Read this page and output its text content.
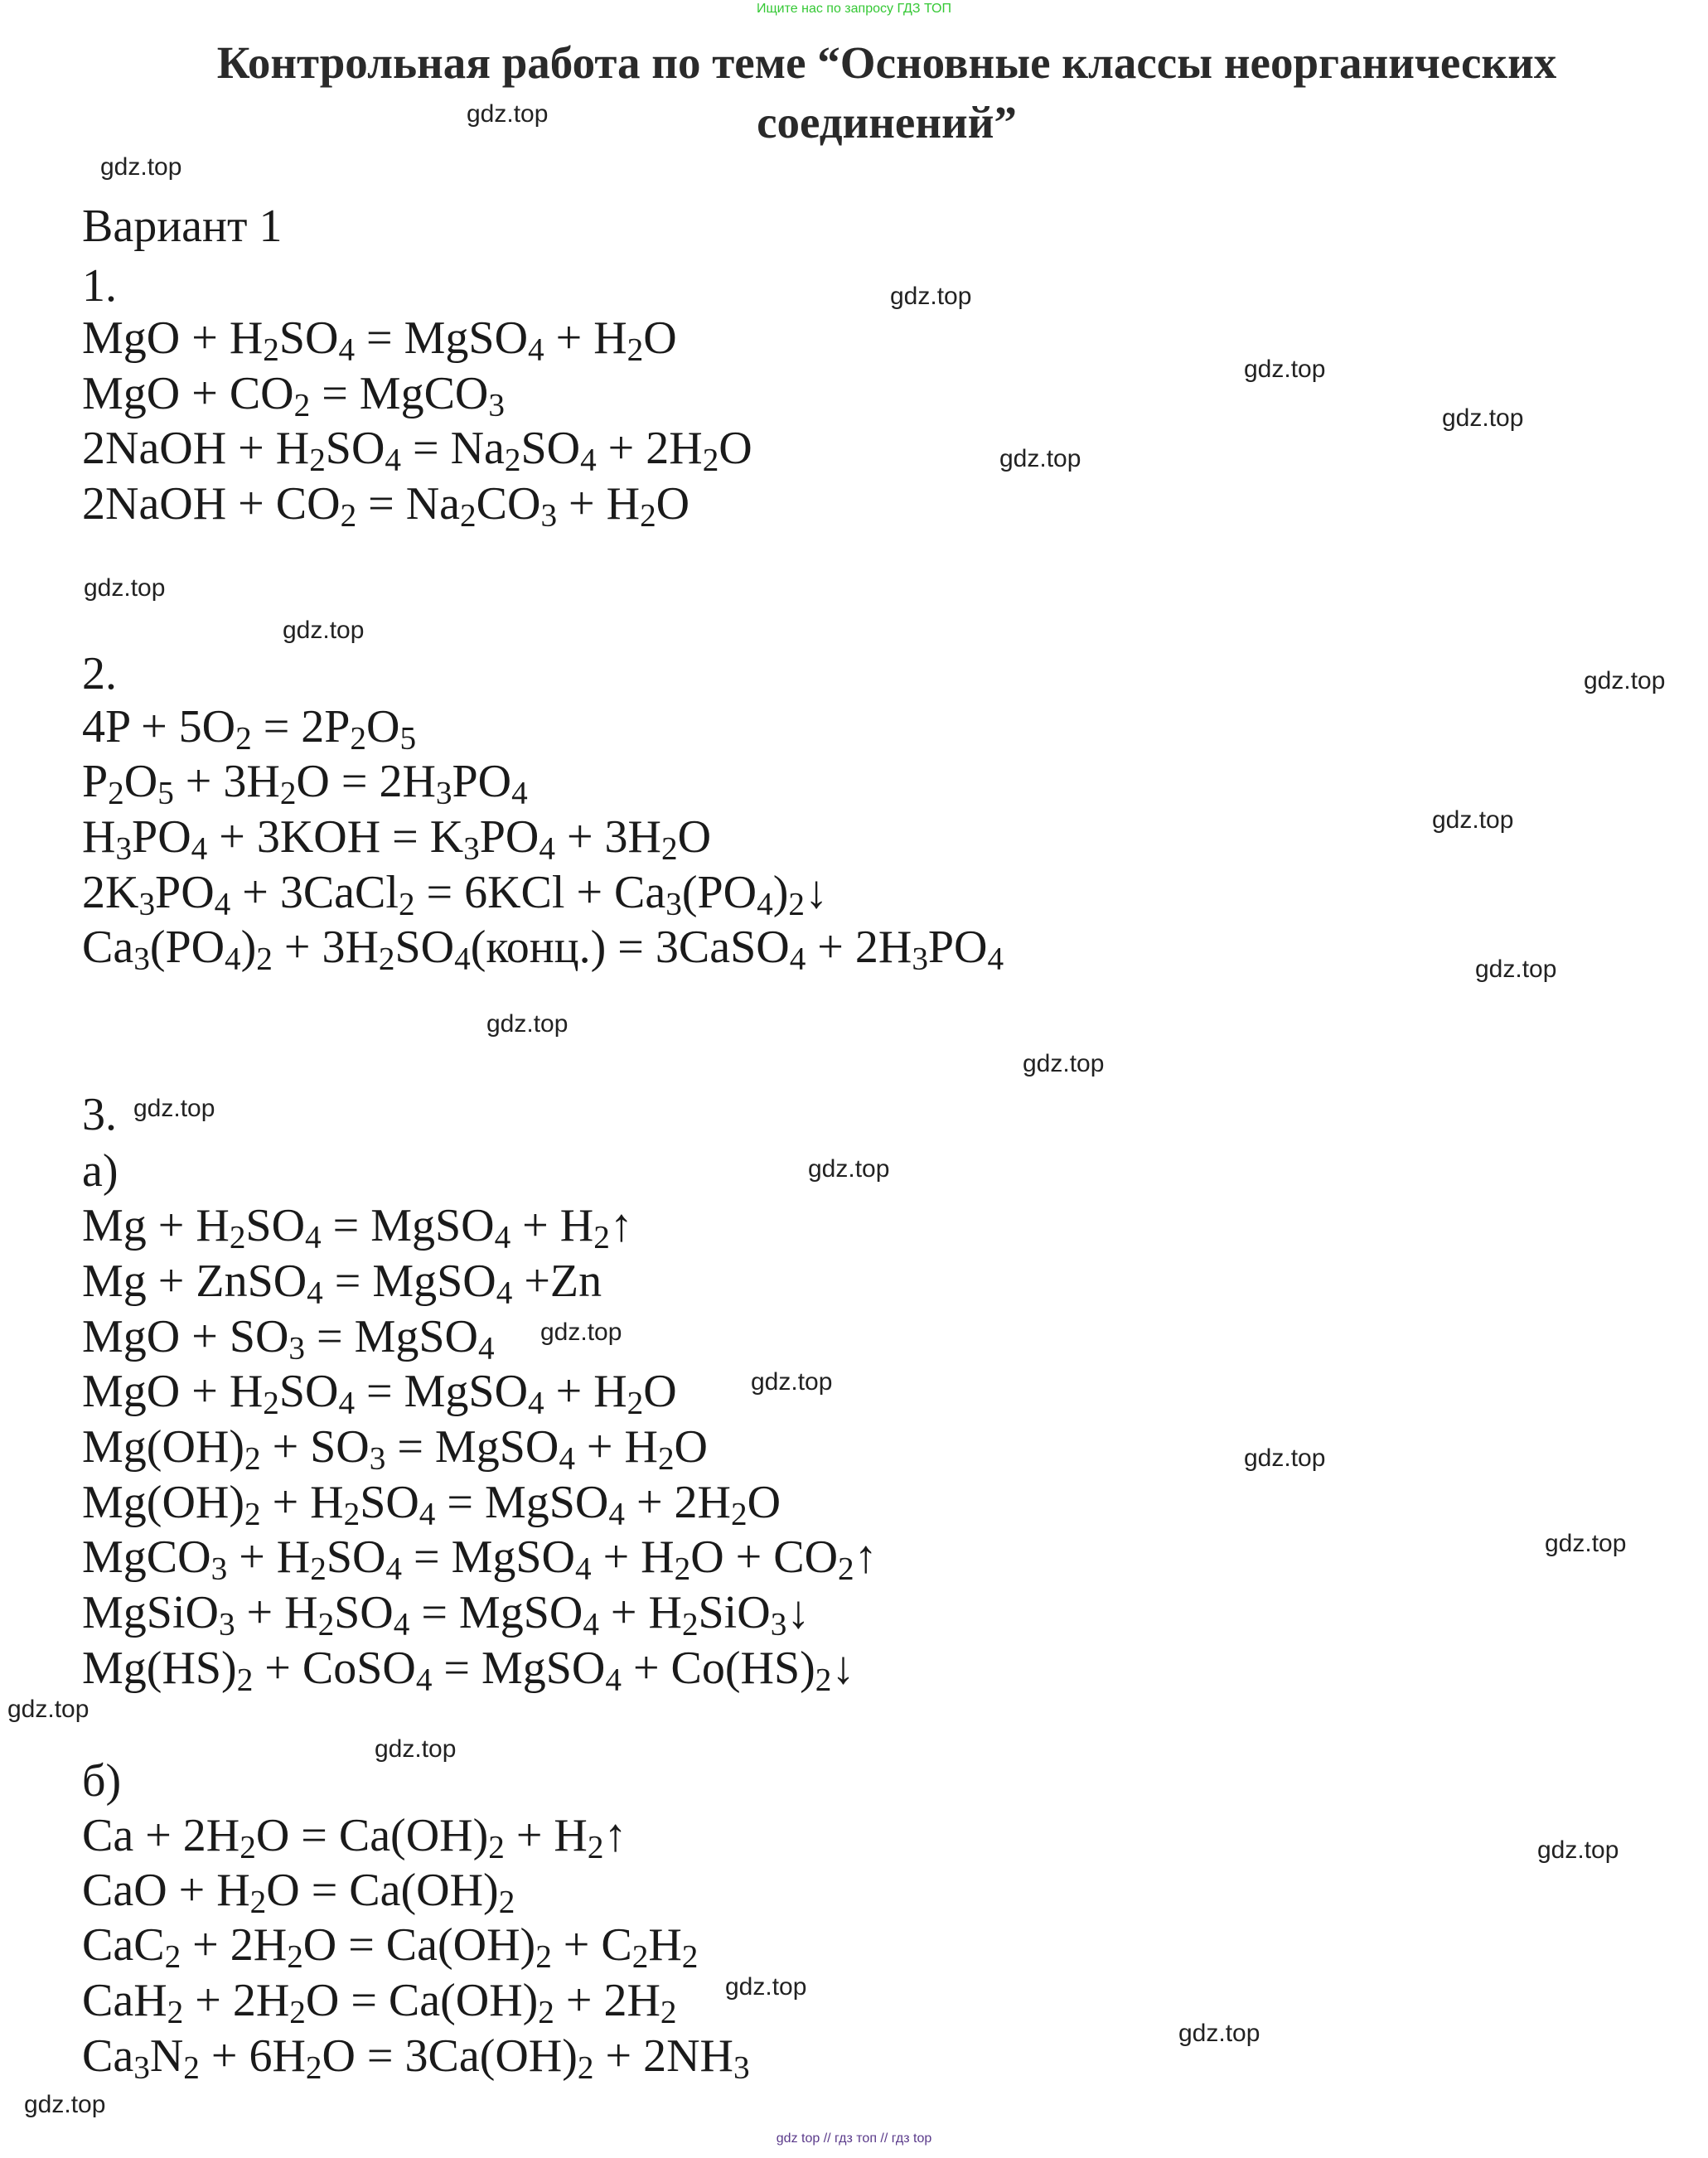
Ищите нас по запросу ГДЗ ТОП
Контрольная работа по теме “Основные классы неорганических соединений”
Вариант 1
1.
MgO + $H_2SO_4$ = MgSO$_4$ + $H_2O$
MgO + $CO_2$ = MgCO$_3$
2NaOH + $H_2SO_4 = Na_2SO_4 + 2H_2O$
2NaOH + $CO_2 = Na_2CO_3 + H_2O$
2.
$4P + 5O_2 = 2P_2O_5$
$P_2O_5 + 3H_2O = 2H_3PO_4$
$H_3PO_4 + 3KOH = K_3PO_4 + 3H_2O$
$2K_3PO_4$ + 3CaCl$_2$ = $6KCl + Ca_3(PO_4)_2↓$
$Ca_3(PO_4)_2$ + $3H_2SO_4(конц.)$ = 3CaSO$_4$ + $2H_3PO_4$
3.
а)
$Mg + H_2SO_4$ = MgSO$_4$ + $H_2↑$
Mg + ZnSO$_4$ = MgSO$_4$ +Zn
MgO + $SO_3$ = MgSO$_4$
MgO + $H_2SO_4$ = MgSO$_4$ + $H_2O$
$Mg(OH)_2 + SO_3$ = MgSO$_4$ + $H_2O$
$Mg(OH)_2 + H_2SO_4$ = MgSO$_4$ + $2H_2O$
MgCO$_3$ + $H_2SO_4$ = MgSO$_4$ + $H_2O$ + $CO_2↑$
MgSiO$_3$ + $H_2SO_4$ = MgSO$_4$ + $H_2SiO_3↓$
$Mg(HS)_2$ + CoSO$_4$ = MgSO$_4$ + $Co(HS)_2↓$
б)
$Ca + 2H_2O = Ca(OH)_2$ + $H_2↑$
CaO + $H_2O = Ca(OH)_2$
$CaC_2 + 2H_2O = Ca(OH)_2 + C_2H_2$
$CaH_2 + 2H_2O = Ca(OH)_2 + 2H_2$
$Ca_3N_2 + 6H_2O = 3Ca(OH)_2 + 2NH_3$
gdz.top
gdz.top
gdz.top
gdz.top
gdz.top
gdz.top
gdz.top
gdz.top
gdz.top
gdz.top
gdz.top
gdz.top
gdz.top
gdz.top
gdz.top
gdz.top
gdz.top
gdz.top
gdz.top
gdz.top
gdz.top
gdz.top
gdz.top
gdz.top
gdz.top
gdz top // гдз топ // гдз top
